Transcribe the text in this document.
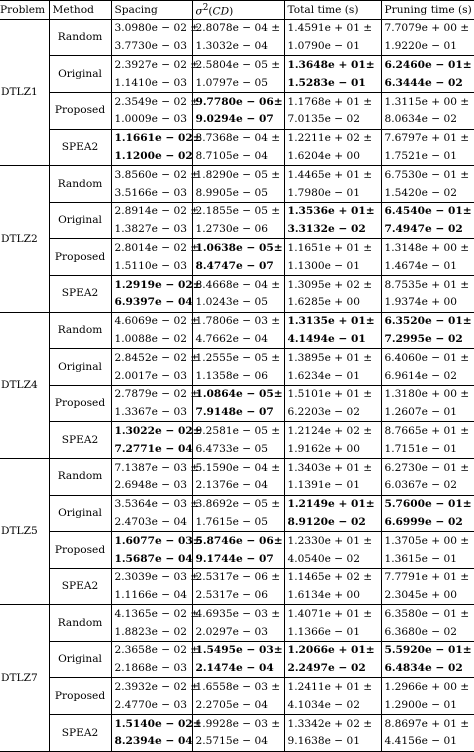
Problem	Method	Spacing	$\sigma^2(CD)$	Total time (s)	Pruning time (s)
DTLZ1	Random	3.0980e − 02 ±	2.8078e − 04 ±	1.4591e + 01 ±	7.7079e + 00 ±
		3.7730e − 03	1.3032e − 04	1.0790e − 01	1.9220e − 01
	Original	2.3927e − 02 ±	2.5804e − 05 ±	1.3648e + 01±	6.2460e − 01±
		1.1410e − 03	1.0797e − 05	1.5283e − 01	6.3444e − 02
	Proposed	2.3549e − 02 ±	9.7780e − 06±	1.1768e + 01 ±	1.3115e + 00 ±
		1.0009e − 03	9.0294e − 07	7.0135e − 02	8.0634e − 02
	SPEA2	1.1661e − 02±	3.7368e − 04 ±	1.2211e + 02 ±	7.6797e + 01 ±
		1.1200e − 02	8.7105e − 04	1.6204e + 00	1.7521e − 01
DTLZ2	Random	3.8560e − 02 ±	1.8290e − 05 ±	1.4465e + 01 ±	6.7530e − 01 ±
		3.5166e − 03	8.9905e − 05	1.7980e − 01	1.5420e − 02
	Original	2.8914e − 02 ±	2.1855e − 05 ±	1.3536e + 01±	6.4540e − 01±
		1.3827e − 03	1.2730e − 06	3.3132e − 02	7.4947e − 02
	Proposed	2.8014e − 02 ±	1.0638e − 05±	1.1651e + 01 ±	1.3148e + 00 ±
		1.5110e − 03	8.4747e − 07	1.1300e − 01	1.4674e − 01
	SPEA2	1.2919e − 02±	8.4668e − 04 ±	1.3095e + 02 ±	8.7535e + 01 ±
		6.9397e − 04	1.0243e − 05	1.6285e + 00	1.9374e + 00
DTLZ4	Random	4.6069e − 02 ±	1.7806e − 03 ±	1.3135e + 01±	6.3520e − 01±
		1.0088e − 02	4.7662e − 04	4.1494e − 01	7.2995e − 02
	Original	2.8452e − 02 ±	1.2555e − 05 ±	1.3895e + 01 ±	6.4060e − 01 ±
		2.0017e − 03	1.1358e − 06	1.6234e − 01	6.9614e − 02
	Proposed	2.7879e − 02 ±	1.0864e − 05±	1.5101e + 01 ±	1.3180e + 00 ±
		1.3367e − 03	7.9148e − 07	6.2203e − 02	1.2607e − 01
	SPEA2	1.3022e − 02±	9.2581e − 05 ±	1.2124e + 02 ±	8.7665e + 01 ±
		7.2771e − 04	6.4733e − 05	1.9162e + 00	1.7151e − 01
DTLZ5	Random	7.1387e − 03 ±	5.1590e − 04 ±	1.3403e + 01 ±	6.2730e − 01 ±
		2.6948e − 03	2.1376e − 04	1.1391e − 01	6.0367e − 02
	Original	3.5364e − 03 ±	3.8692e − 05 ±	1.2149e + 01±	5.7600e − 01±
		2.4703e − 04	1.7615e − 05	8.9120e − 02	6.6999e − 02
	Proposed	1.6077e − 03±	5.8746e − 06±	1.2330e + 01 ±	1.3705e + 00 ±
		1.5687e − 04	9.1744e − 07	4.0540e − 02	1.3615e − 01
	SPEA2	2.3039e − 03 ±	2.5317e − 06 ±	1.1465e + 02 ±	7.7791e + 01 ±
		1.1166e − 04	2.5317e − 06	1.6134e + 00	2.3045e + 00
DTLZ7	Random	4.1365e − 02 ±	4.6935e − 03 ±	1.4071e + 01 ±	6.3580e − 01 ±
		1.8823e − 02	2.0297e − 03	1.1366e − 01	6.3680e − 02
	Original	2.3658e − 02 ±	1.5495e − 03±	1.2066e + 01±	5.5920e − 01±
		2.1868e − 03	2.1474e − 04	2.2497e − 02	6.4834e − 02
	Proposed	2.3932e − 02 ±	1.6558e − 03 ±	1.2411e + 01 ±	1.2966e + 00 ±
		2.4770e − 03	2.2705e − 04	4.1034e − 02	1.2900e − 01
	SPEA2	1.5140e − 02±	1.9928e − 03 ±	1.3342e + 02 ±	8.8697e + 01 ±
		8.2394e − 04	2.5715e − 04	9.1638e − 01	4.4156e − 01
